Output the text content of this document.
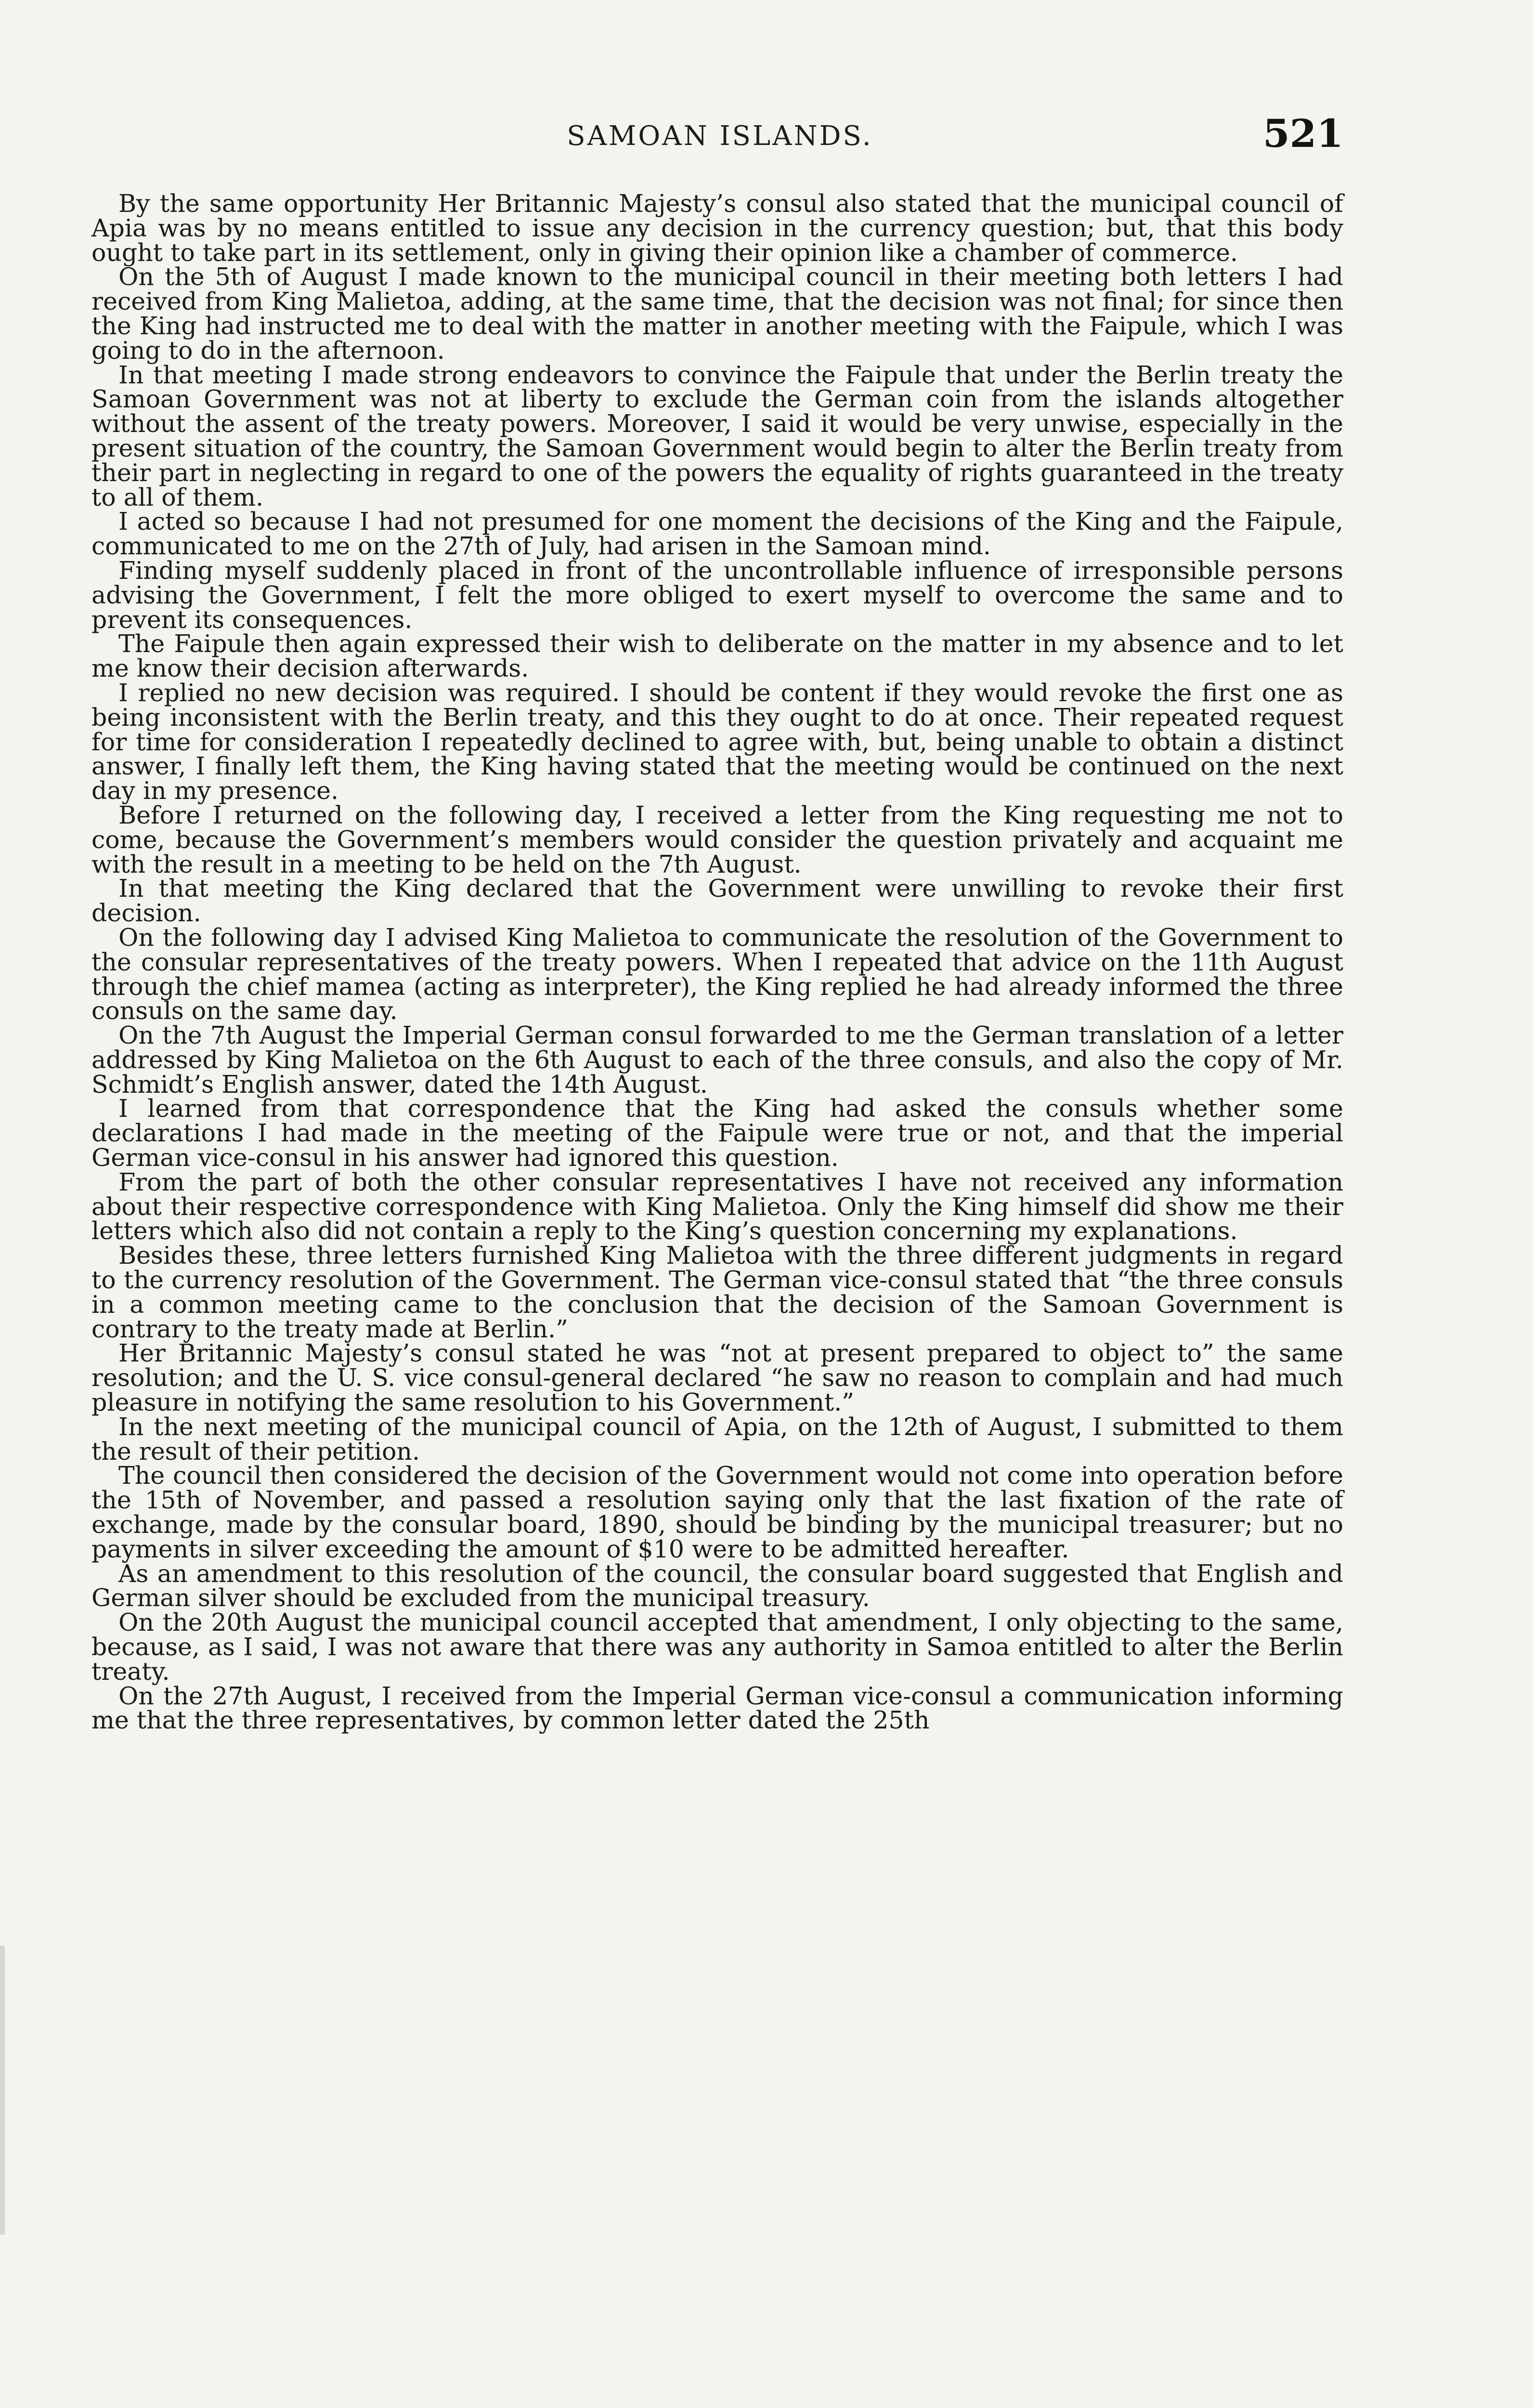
SAMOAN ISLANDS.	521

By the same opportunity Her Britannic Majesty’s consul also stated that the municipal council of Apia was by no means entitled to issue any decision in the currency question; but, that this body ought to take part in its settlement, only in giving their opinion like a chamber of commerce.

On the 5th of August I made known to the municipal council in their meeting both letters I had received from King Malietoa, adding, at the same time, that the decision was not final; for since then the King had instructed me to deal with the matter in another meeting with the Faipule, which I was going to do in the afternoon.

In that meeting I made strong endeavors to convince the Faipule that under the Berlin treaty the Samoan Government was not at liberty to exclude the German coin from the islands altogether without the assent of the treaty powers. Moreover, I said it would be very unwise, especially in the present situation of the country, the Samoan Government would begin to alter the Berlin treaty from their part in neglecting in regard to one of the powers the equality of rights guaranteed in the treaty to all of them.

I acted so because I had not presumed for one moment the decisions of the King and the Faipule, communicated to me on the 27th of July, had arisen in the Samoan mind.

Finding myself suddenly placed in front of the uncontrollable influence of irresponsible persons advising the Government, I felt the more obliged to exert myself to overcome the same and to prevent its consequences.

The Faipule then again expressed their wish to deliberate on the matter in my absence and to let me know their decision afterwards.

I replied no new decision was required. I should be content if they would revoke the first one as being inconsistent with the Berlin treaty, and this they ought to do at once. Their repeated request for time for consideration I repeatedly declined to agree with, but, being unable to obtain a distinct answer, I finally left them, the King having stated that the meeting would be continued on the next day in my presence.

Before I returned on the following day, I received a letter from the King requesting me not to come, because the Government’s members would consider the question privately and acquaint me with the result in a meeting to be held on the 7th August.

In that meeting the King declared that the Government were unwilling to revoke their first decision.

On the following day I advised King Malietoa to communicate the resolution of the Government to the consular representatives of the treaty powers. When I repeated that advice on the 11th August through the chief mamea (acting as interpreter), the King replied he had already informed the three consuls on the same day.

On the 7th August the Imperial German consul forwarded to me the German translation of a letter addressed by King Malietoa on the 6th August to each of the three consuls, and also the copy of Mr. Schmidt’s English answer, dated the 14th August.

I learned from that correspondence that the King had asked the consuls whether some declarations I had made in the meeting of the Faipule were true or not, and that the imperial German vice-consul in his answer had ignored this question.

From the part of both the other consular representatives I have not received any information about their respective correspondence with King Malietoa. Only the King himself did show me their letters which also did not contain a reply to the King’s question concerning my explanations.

Besides these, three letters furnished King Malietoa with the three different judgments in regard to the currency resolution of the Government. The German vice-consul stated that “the three consuls in a common meeting came to the conclusion that the decision of the Samoan Government is contrary to the treaty made at Berlin.”

Her Britannic Majesty’s consul stated he was “not at present prepared to object to” the same resolution; and the U. S. vice consul-general declared “he saw no reason to complain and had much pleasure in notifying the same resolution to his Government.”

In the next meeting of the municipal council of Apia, on the 12th of August, I submitted to them the result of their petition.

The council then considered the decision of the Government would not come into operation before the 15th of November, and passed a resolution saying only that the last fixation of the rate of exchange, made by the consular board, 1890, should be binding by the municipal treasurer; but no payments in silver exceeding the amount of $10 were to be admitted hereafter.

As an amendment to this resolution of the council, the consular board suggested that English and German silver should be excluded from the municipal treasury.

On the 20th August the municipal council accepted that amendment, I only objecting to the same, because, as I said, I was not aware that there was any authority in Samoa entitled to alter the Berlin treaty.

On the 27th August, I received from the Imperial German vice-consul a communication informing me that the three representatives, by common letter dated the 25th
